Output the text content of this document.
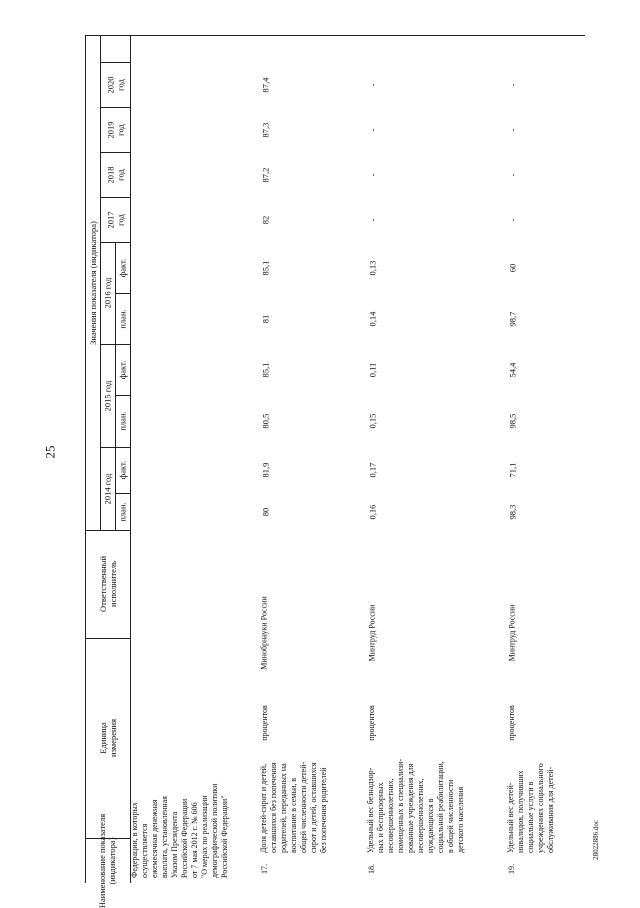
25
28022886.doc
Наименование показателя
(индикатора)
Единица
измерения
Ответственный
исполнитель
Значения показателя (индикатора)
2014 год
2015 год
2016 год
план.
факт.
план.
факт.
план.
факт.
2017
год
2018
год
2019
год
2020
год
Федерации, в которых
осуществляется
ежемесячная денежная
выплата, установленная
Указом Президента
Российской Федерации
от 7 мая 2012 г. № 606
"О мерах по реализации
демографической политики
Российской Федерации"
17.
Доля детей-сирот и детей,
оставшихся без попечения
родителей, переданных на
воспитание в семьи, в
общей численности детей-
сирот и детей, оставшихся
без попечения родителей
процентов
Минобрнауки России
80
81,9
80,5
85,1
81
85,1
82
87,2
87,3
87,4
18.
Удельный вес безнадзор-
ных и беспризорных
несовершеннолетних,
помещенных в специализи-
рованные учреждения для
несовершеннолетних,
нуждающихся в
социальной реабилитации,
в общей численности
детского населения
процентов
Минтруд России
0,16
0,17
0,15
0,11
0,14
0,13
-
-
-
-
19.
Удельный вес детей-
инвалидов, получивших
социальные услуги в
учреждениях социального
обслуживания для детей-
процентов
Минтруд России
98,3
71,1
98,5
54,4
98,7
60
-
-
-
-
